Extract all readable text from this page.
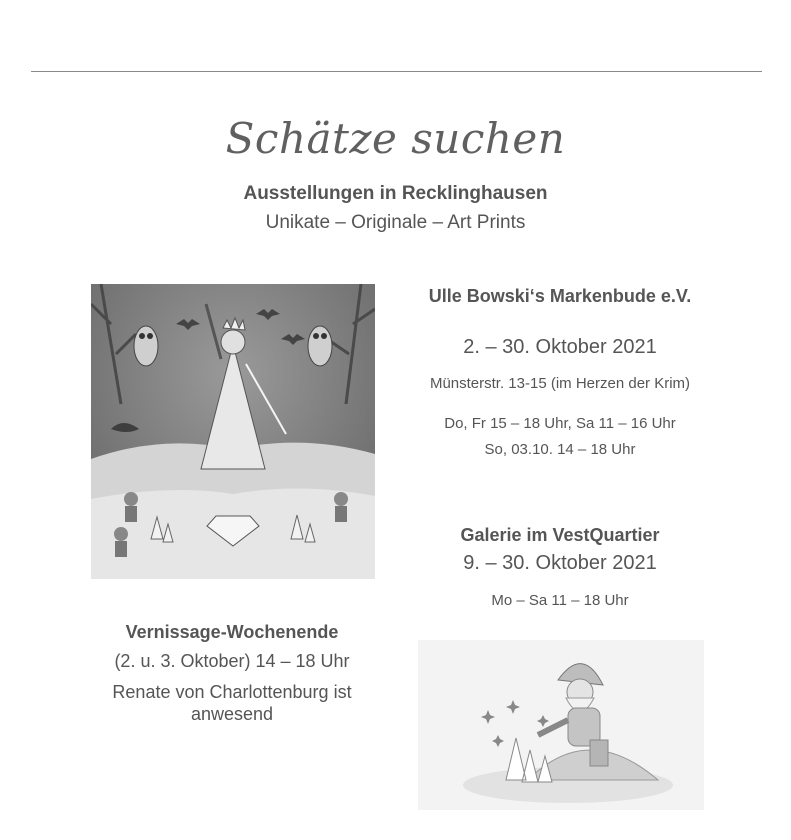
Schätze suchen
Ausstellungen in Recklinghausen
Unikate – Originale – Art Prints
Ulle Bowski‘s Markenbude e.V.
2. – 30. Oktober 2021
Münsterstr. 13-15 (im Herzen der Krim)
Do, Fr 15 – 18 Uhr, Sa 11 – 16 Uhr
So, 03.10. 14 – 18 Uhr
Galerie im VestQuartier
9. – 30. Oktober 2021
Mo – Sa 11 – 18 Uhr
Vernissage-Wochenende
(2. u. 3. Oktober) 14 – 18 Uhr
Renate von Charlottenburg ist anwesend
